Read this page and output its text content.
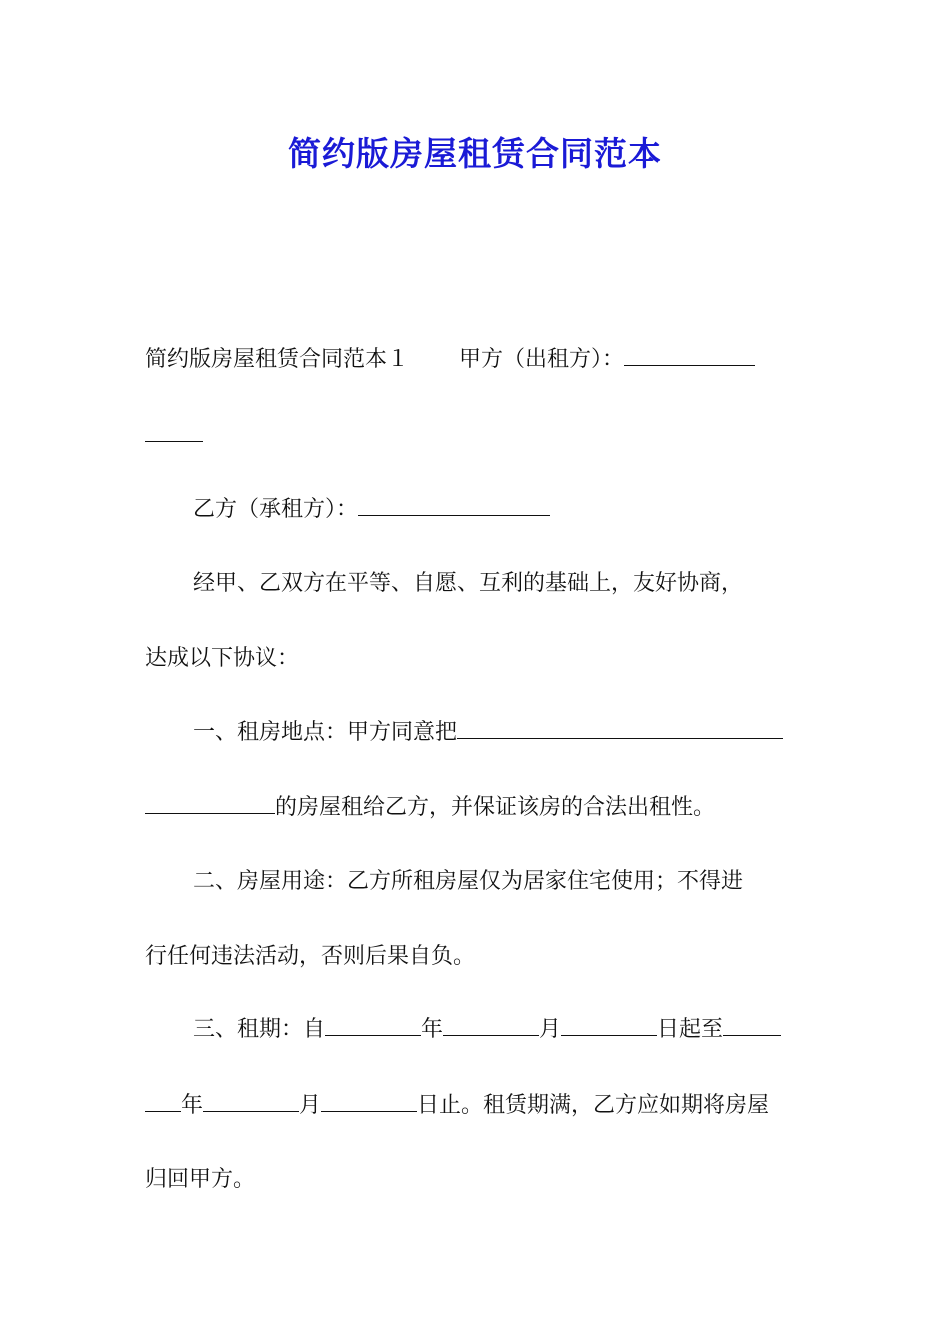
简约版房屋租赁合同范本
简约版房屋租赁合同范本１ 甲方（出租方）：
乙方（承租方）：
经甲、乙双方在平等、自愿、互利的基础上，友好协商，
达成以下协议：
一、租房地点：甲方同意把
的房屋租给乙方，并保证该房的合法出租性。
二、房屋用途：乙方所租房屋仅为居家住宅使用；不得进
行任何违法活动，否则后果自负。
三、租期：自	年	月	日起至
年	月	日止。租赁期满，乙方应如期将房屋
归回甲方。
